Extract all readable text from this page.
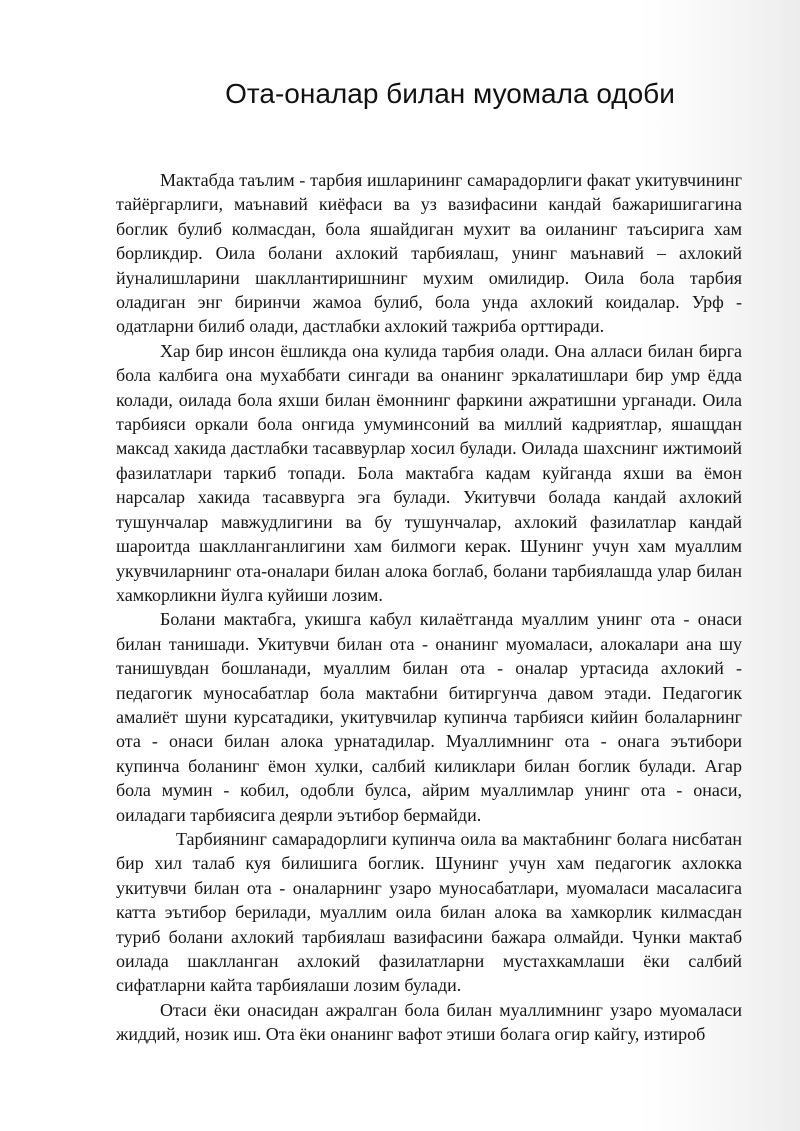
Ота-оналар билан муомала одоби

Мактабда таълим - тарбия ишларининг самарадорлиги факат укитувчининг тайёргарлиги, маънавий киёфаси ва уз вазифасини кандай бажаришигагина боглик булиб колмасдан, бола яшайдиган мухит ва оиланинг таъсирига хам борликдир. Оила болани ахлокий тарбиялаш, унинг маънавий – ахлокий йуналишларини шакллантиришнинг мухим омилидир. Оила бола тарбия оладиган энг биринчи жамоа булиб, бола унда ахлокий коидалар. Урф - одатларни билиб олади, дастлабки ахлокий тажриба орттиради.

Хар бир инсон ёшликда она кулида тарбия олади. Она алласи билан бирга бола калбига она мухаббати сингади ва онанинг эркалатишлари бир умр ёдда колади, оилада бола яхши билан ёмоннинг фаркини ажратишни урганади. Оила тарбияси оркали бола онгида умуминсоний ва миллий кадриятлар, яшащдан максад хакида дастлабки тасаввурлар хосил булади. Оилада шахснинг ижтимоий фазилатлари таркиб топади. Бола мактабга кадам куйганда яхши ва ёмон нарсалар хакида тасаввурга эга булади. Укитувчи болада кандай ахлокий тушунчалар мавжудлигини ва бу тушунчалар, ахлокий фазилатлар кандай шароитда шаклланганлигини хам билмоги керак. Шунинг учун хам муаллим укувчиларнинг ота-оналари билан алока боглаб, болани тарбиялашда улар билан хамкорликни йулга куйиши лозим.

Болани мактабга, укишга кабул килаётганда муаллим унинг ота - онаси билан танишади. Укитувчи билан ота - онанинг муомаласи, алокалари ана шу танишувдан бошланади, муаллим билан ота - оналар уртасида ахлокий - педагогик муносабатлар бола мактабни битиргунча давом этади. Педагогик амалиёт шуни курсатадики, укитувчилар купинча тарбияси кийин болаларнинг ота - онаси билан алока урнатадилар. Муаллимнинг ота - онага эътибори купинча боланинг ёмон хулки, салбий киликлари билан боглик булади. Агар бола мумин - кобил, одобли булса, айрим муаллимлар унинг ота - онаси, оиладаги тарбиясига деярли эътибор бермайди.

Тарбиянинг самарадорлиги купинча оила ва мактабнинг болага нисбатан бир хил талаб куя билишига боглик. Шунинг учун хам педагогик ахлокка укитувчи билан ота - оналарнинг узаро муносабатлари, муомаласи масаласига катта эътибор берилади, муаллим оила билан алока ва хамкорлик килмасдан туриб болани ахлокий тарбиялаш вазифасини бажара олмайди. Чунки мактаб оилада шаклланган ахлокий фазилатларни мустахкамлаши ёки салбий сифатларни кайта тарбиялаши лозим булади.

Отаси ёки онасидан ажралган бола билан муаллимнинг узаро муомаласи жиддий, нозик иш. Ота ёки онанинг вафот этиши болага огир кайгу, изтироб
